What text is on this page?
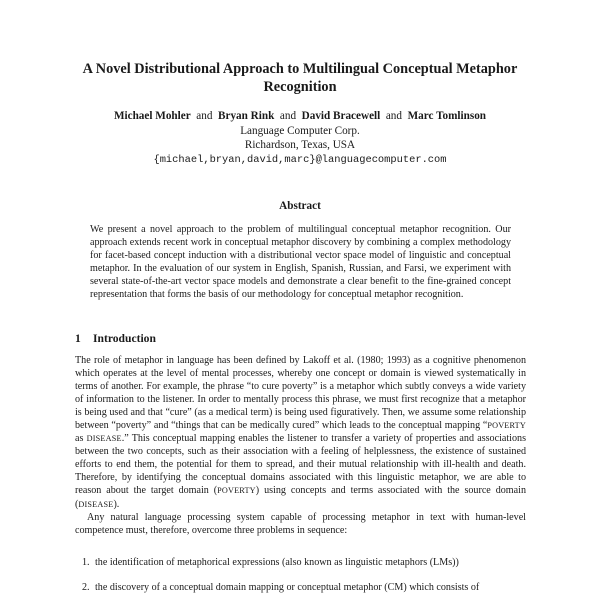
A Novel Distributional Approach to Multilingual Conceptual Metaphor
Recognition
Michael Mohler and Bryan Rink and David Bracewell and Marc Tomlinson
Language Computer Corp.
Richardson, Texas, USA
{michael,bryan,david,marc}@languagecomputer.com
Abstract
We present a novel approach to the problem of multilingual conceptual metaphor recognition. Our approach extends recent work in conceptual metaphor discovery by combining a complex methodology for facet-based concept induction with a distributional vector space model of linguistic and conceptual metaphor. In the evaluation of our system in English, Spanish, Russian, and Farsi, we experiment with several state-of-the-art vector space models and demonstrate a clear benefit to the fine-grained concept representation that forms the basis of our methodology for conceptual metaphor recognition.
1 Introduction

The role of metaphor in language has been defined by Lakoff et al. (1980; 1993) as a cognitive phenomenon which operates at the level of mental processes, whereby one concept or domain is viewed systematically in terms of another. For example, the phrase “to cure poverty” is a metaphor which subtly conveys a wide variety of information to the listener. In order to mentally process this phrase, we must first recognize that a metaphor is being used and that “cure” (as a medical term) is being used figuratively. Then, we assume some relationship between “poverty” and “things that can be medically cured” which leads to the conceptual mapping “POVERTY as DISEASE.” This conceptual mapping enables the listener to transfer a variety of properties and associations between the two concepts, such as their association with a feeling of helplessness, the existence of sustained efforts to end them, the potential for them to spread, and their mutual relationship with ill-health and death. Therefore, by identifying the conceptual domains associated with this linguistic metaphor, we are able to reason about the target domain (POVERTY) using concepts and terms associated with the source domain (DISEASE).

Any natural language processing system capable of processing metaphor in text with human-level competence must, therefore, overcome three problems in sequence:

1. the identification of metaphorical expressions (also known as linguistic metaphors (LMs))
2. the discovery of a conceptual domain mapping or conceptual metaphor (CM) which consists of
